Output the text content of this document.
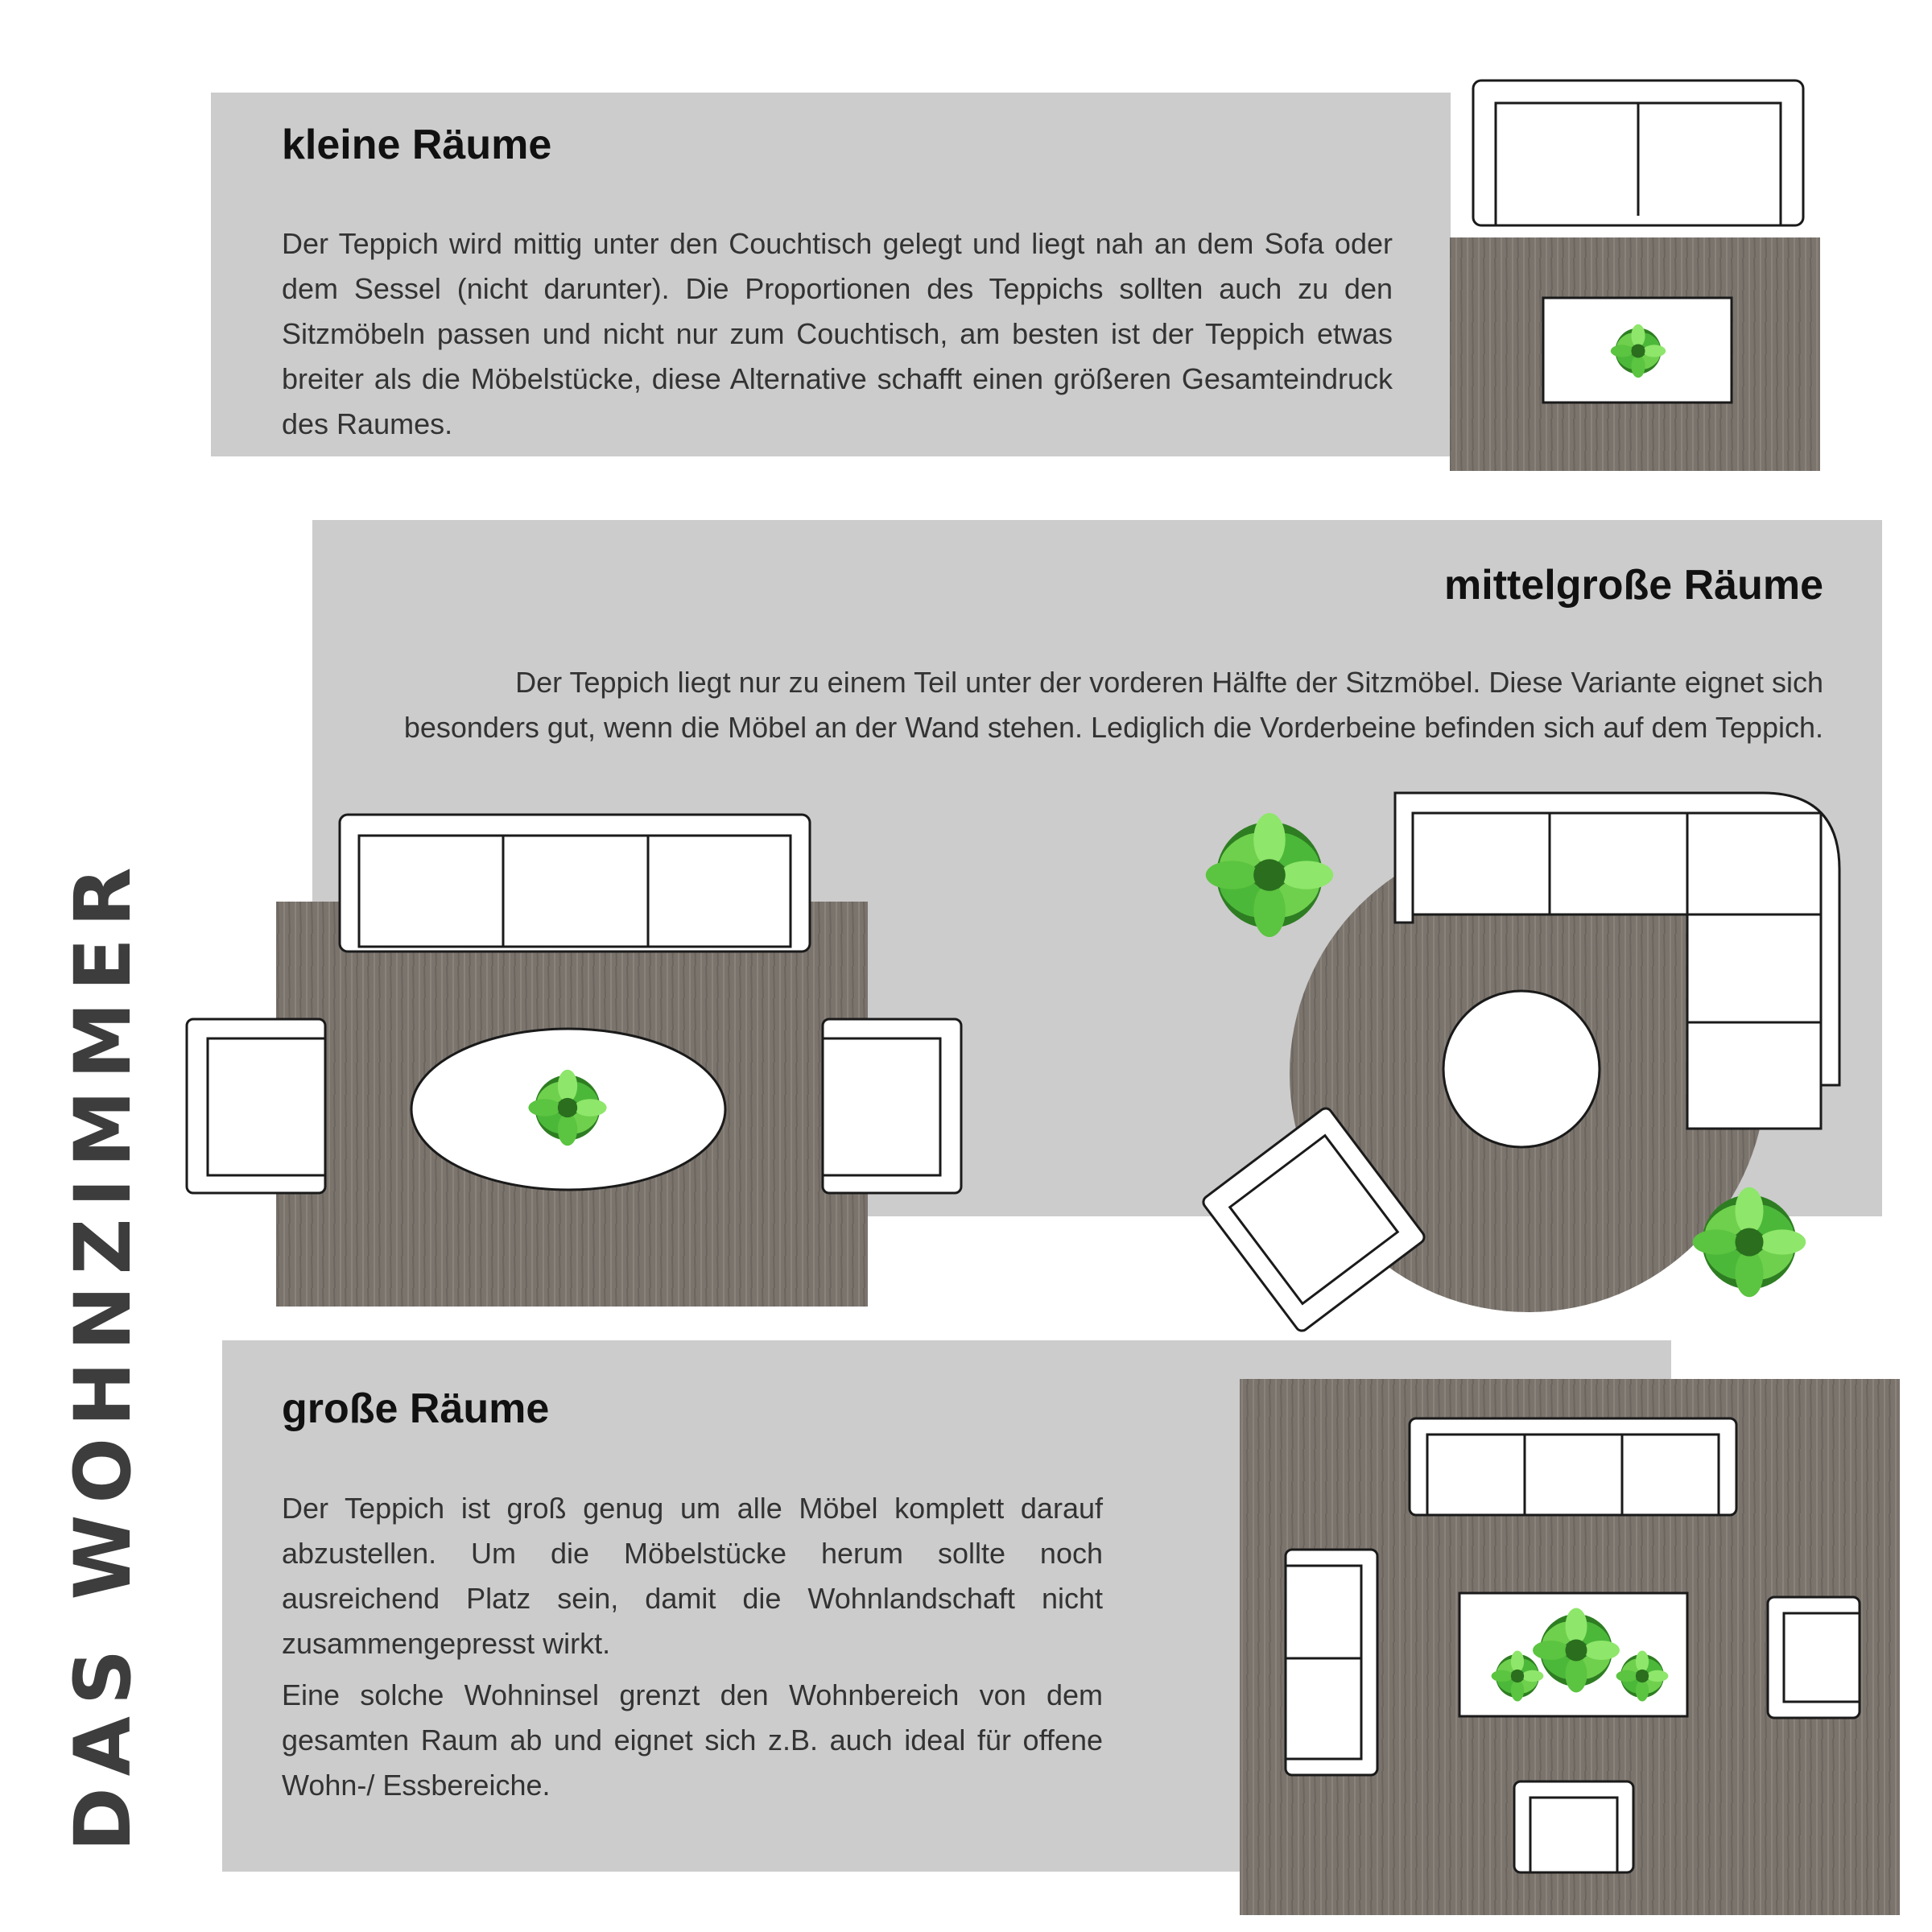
kleine Räume

Der Teppich wird mittig unter den Couchtisch gelegt und liegt nah an dem Sofa oder dem Sessel (nicht darunter). Die Proportionen des Teppichs sollten auch zu den Sitzmöbeln passen und nicht nur zum Couchtisch, am besten ist der Teppich etwas breiter als die Möbelstücke, diese Alternative schafft einen größeren Gesamteindruck des Raumes.

mittelgroße Räume

Der Teppich liegt nur zu einem Teil unter der vorderen Hälfte der Sitzmöbel. Diese Variante eignet sich besonders gut, wenn die Möbel an der Wand stehen. Lediglich die Vorderbeine befinden sich auf dem Teppich.

große Räume

Der Teppich ist groß genug um alle Möbel komplett darauf abzustellen. Um die Möbelstücke herum sollte noch ausreichend Platz sein, damit die Wohnlandschaft nicht zusammengepresst wirkt.

Eine solche Wohninsel grenzt den Wohnbereich von dem gesamten Raum ab und eignet sich z.B. auch ideal für offene Wohn-/ Essbereiche.

DAS WOHNZIMMER
